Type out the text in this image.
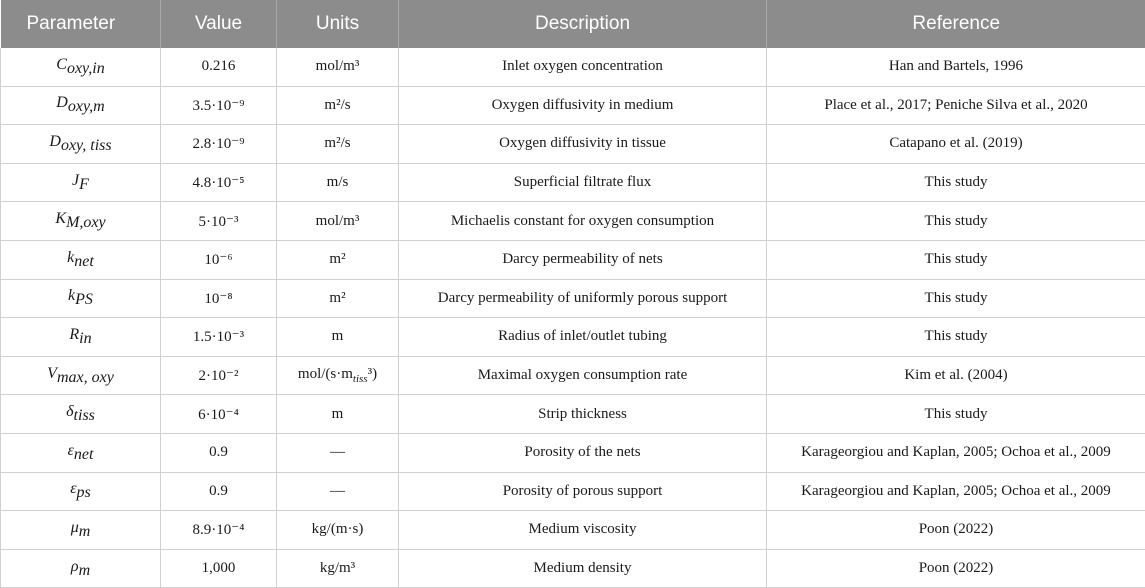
Parameter	Value	Units	Description	Reference
$C_{oxy,in}$	0.216	mol/m³	Inlet oxygen concentration	Han and Bartels, 1996
$D_{oxy,m}$	3.5·10⁻⁹	m²/s	Oxygen diffusivity in medium	Place et al., 2017; Peniche Silva et al., 2020
$D_{oxy, tiss}$	2.8·10⁻⁹	m²/s	Oxygen diffusivity in tissue	Catapano et al. (2019)
$J_F$	4.8·10⁻⁵	m/s	Superficial filtrate flux	This study
$K_{M,oxy}$	5·10⁻³	mol/m³	Michaelis constant for oxygen consumption	This study
$k_{net}$	10⁻⁶	m²	Darcy permeability of nets	This study
$k_{PS}$	10⁻⁸	m²	Darcy permeability of uniformly porous support	This study
$R_{in}$	1.5·10⁻³	m	Radius of inlet/outlet tubing	This study
$V_{max, oxy}$	2·10⁻²	mol/$(s\cdot m_{tiss}^3)$	Maximal oxygen consumption rate	Kim et al. (2004)
$\delta_{tiss}$	6·10⁻⁴	m	Strip thickness	This study
$\varepsilon_{net}$	0.9	—	Porosity of the nets	Karageorgiou and Kaplan, 2005; Ochoa et al., 2009
$\varepsilon_{ps}$	0.9	—	Porosity of porous support	Karageorgiou and Kaplan, 2005; Ochoa et al., 2009
$\mu_m$	8.9·10⁻⁴	kg/(m·s)	Medium viscosity	Poon (2022)
$\rho_m$	1,000	kg/m³	Medium density	Poon (2022)
